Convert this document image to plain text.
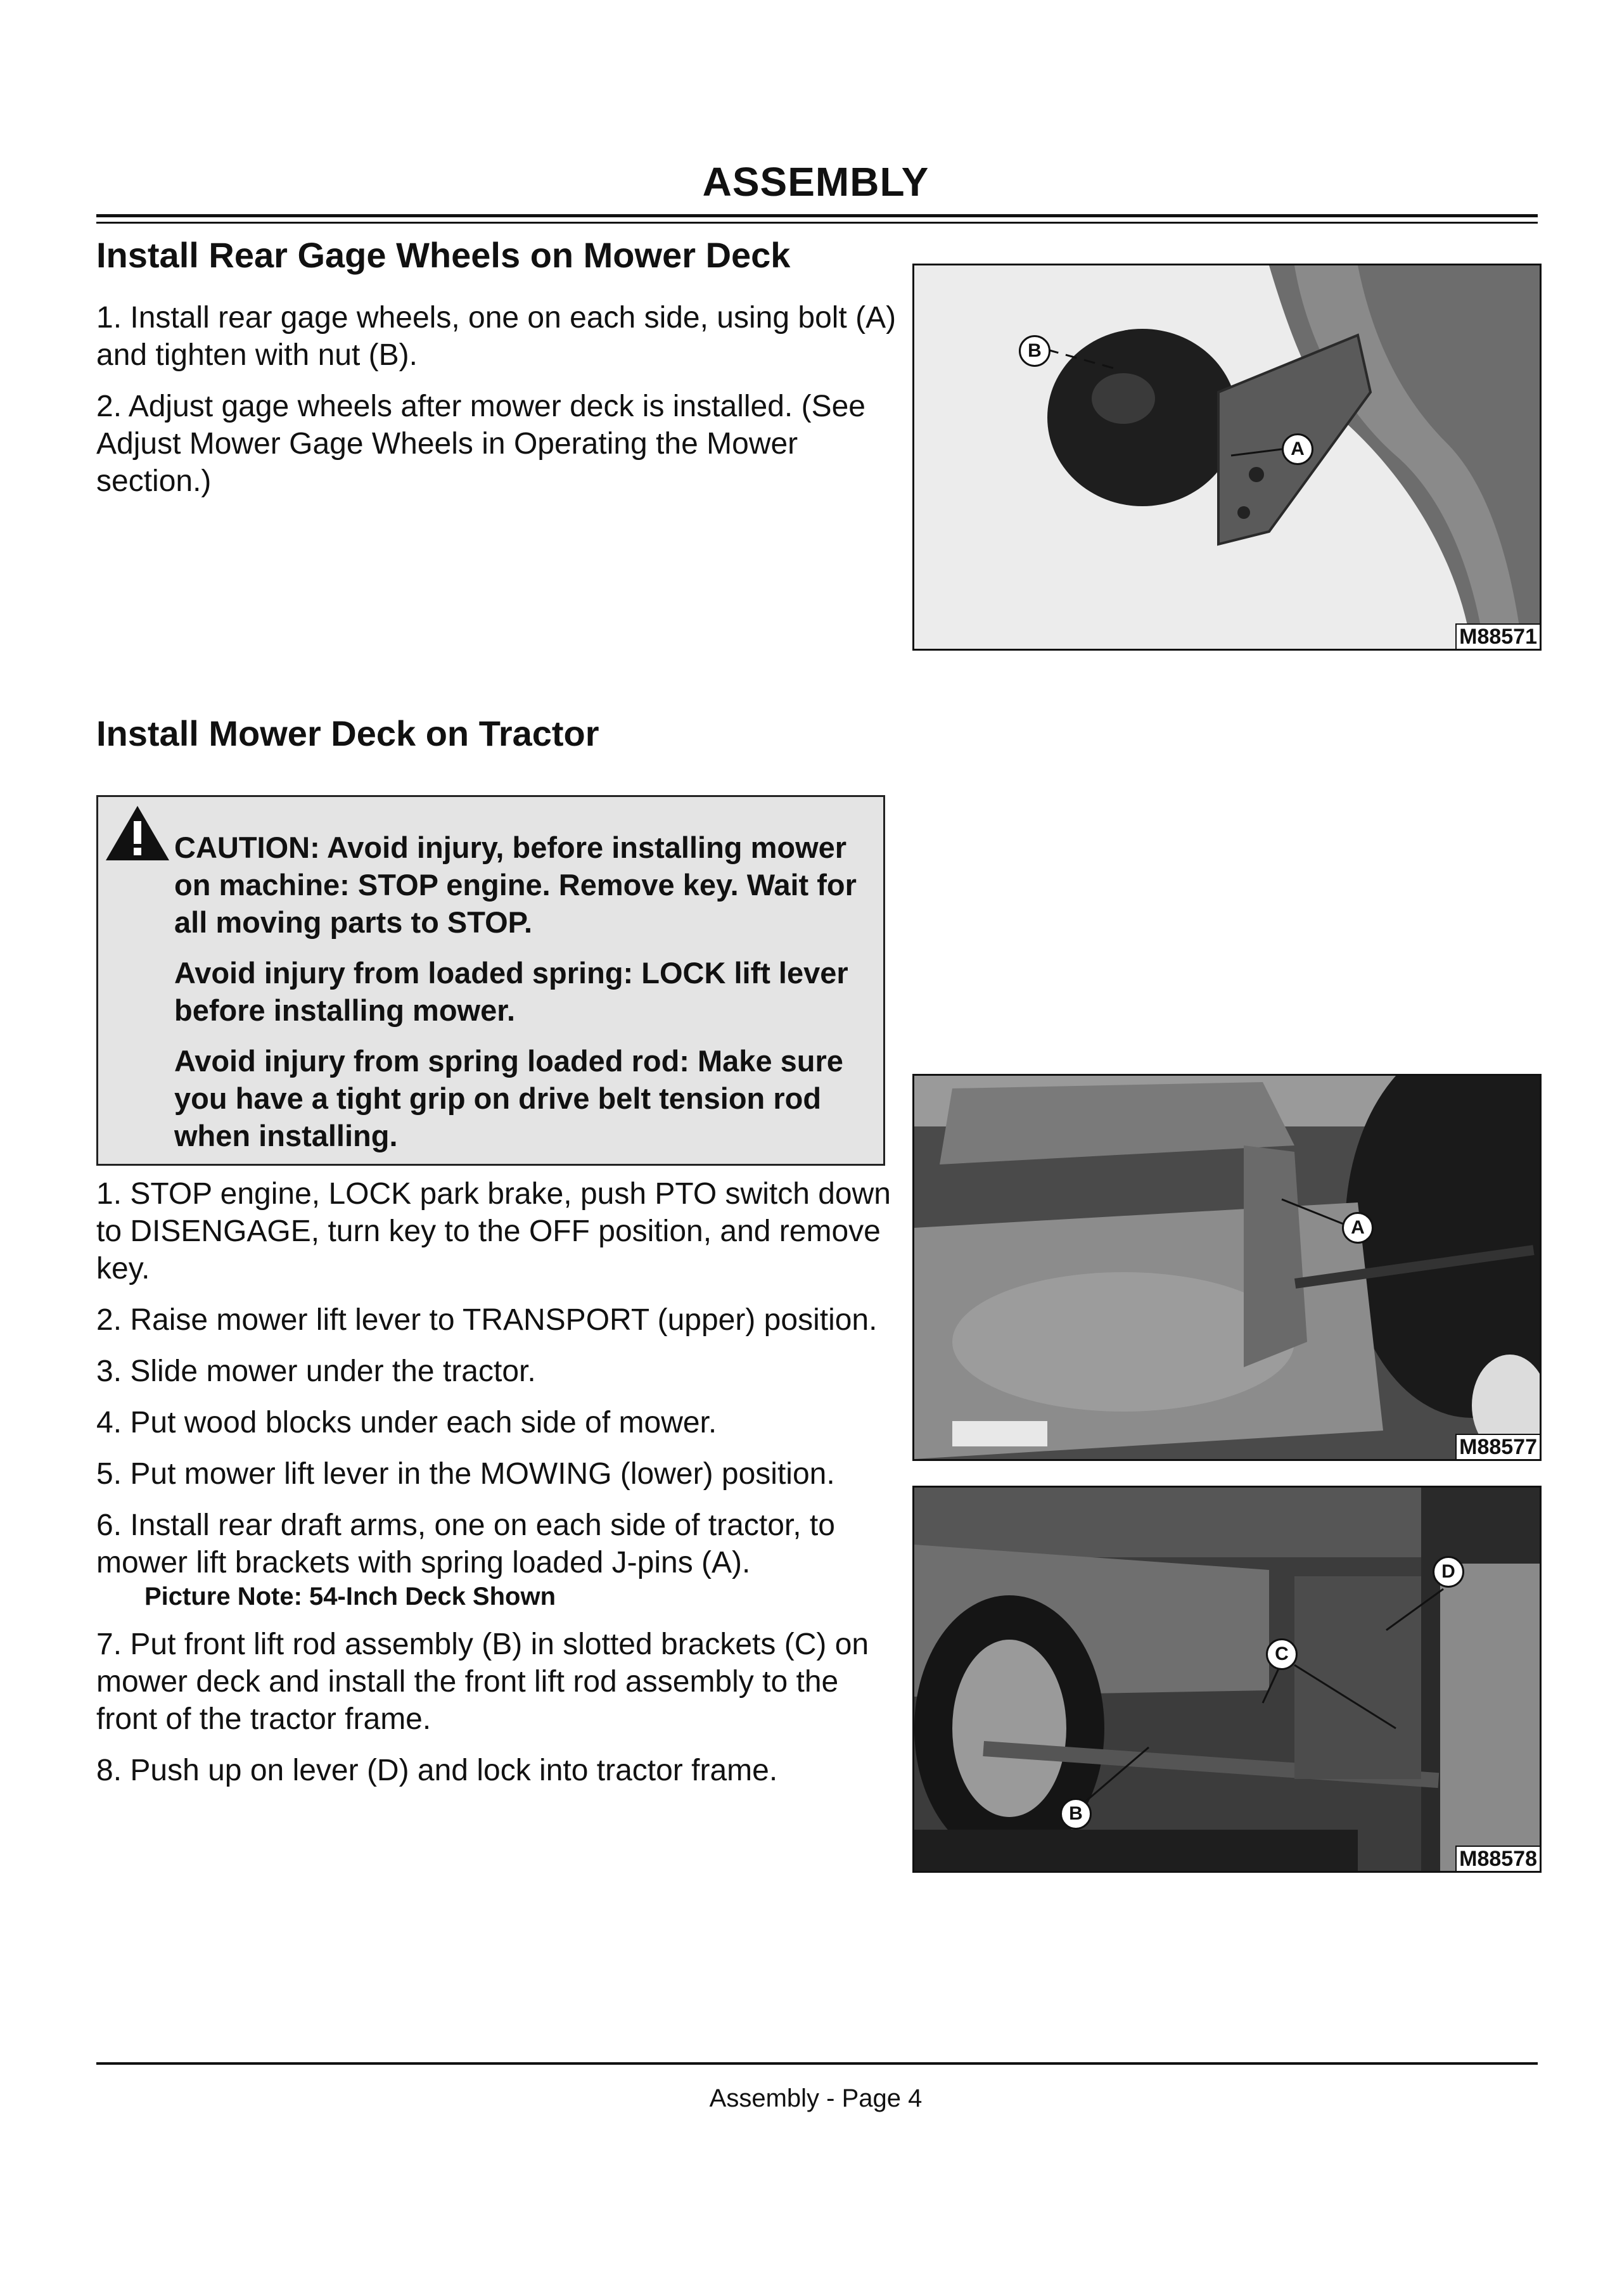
ASSEMBLY
Install Rear Gage Wheels on Mower Deck

1. Install rear gage wheels, one on each side, using bolt (A) and tighten with nut (B).

2. Adjust gage wheels after mower deck is installed. (See Adjust Mower Gage Wheels in Operating the Mower section.)

B
A
M88571
Install Mower Deck on Tractor

CAUTION: Avoid injury, before installing mower on machine: STOP engine. Remove key. Wait for all moving parts to STOP.

Avoid injury from loaded spring: LOCK lift lever before installing mower.

Avoid injury from spring loaded rod: Make sure you have a tight grip on drive belt tension rod when installing.

1. STOP engine, LOCK park brake, push PTO switch down to DISENGAGE, turn key to the OFF position, and remove key.

2. Raise mower lift lever to TRANSPORT (upper) position.

3. Slide mower under the tractor.

4. Put wood blocks under each side of mower.

5. Put mower lift lever in the MOWING (lower) position.

6. Install rear draft arms, one on each side of tractor, to mower lift brackets with spring loaded J-pins (A).

Picture Note: 54-Inch Deck Shown

7. Put front lift rod assembly (B) in slotted brackets (C) on mower deck and install the front lift rod assembly to the front of the tractor frame.

8. Push up on lever (D) and lock into tractor frame.

A
M88577
D
C
B
M88578
Assembly - Page 4
